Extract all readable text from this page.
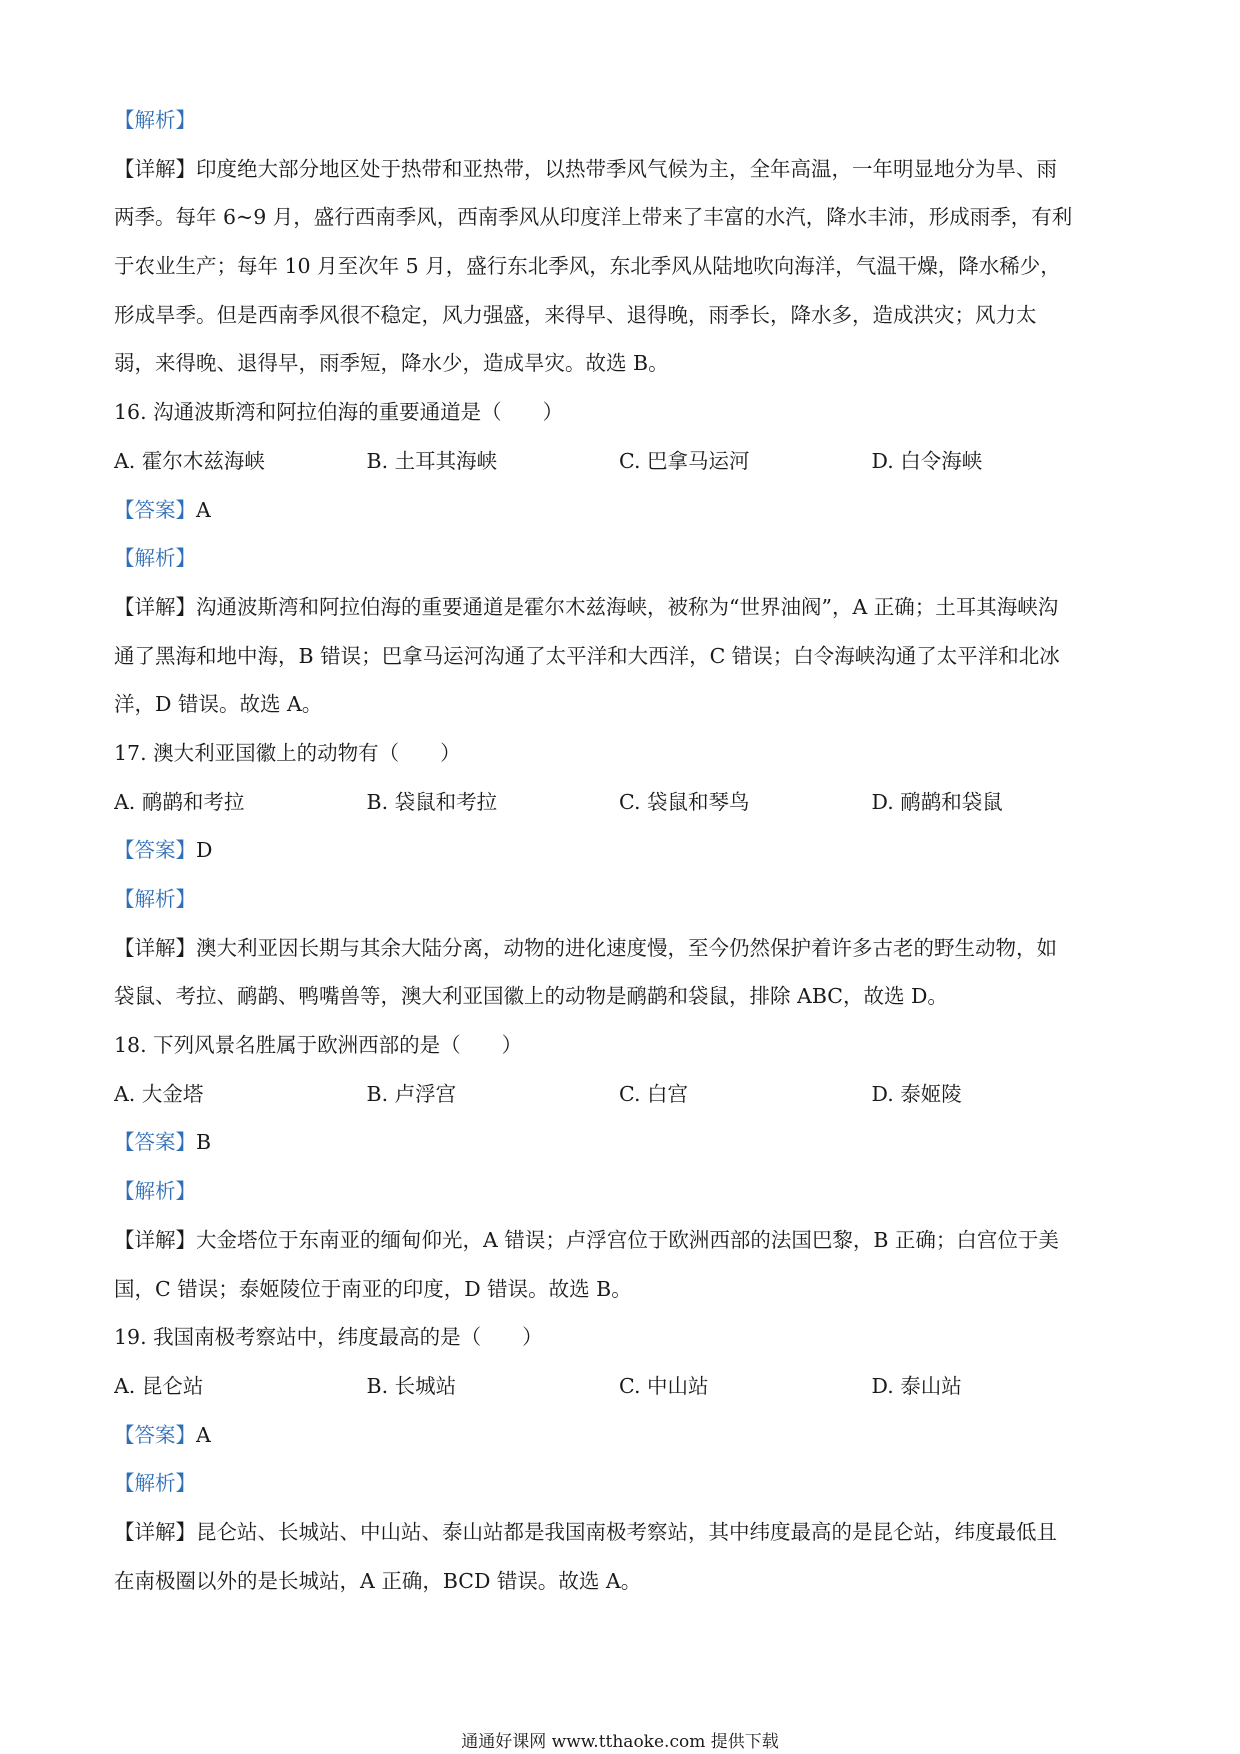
【解析】
【详解】印度绝大部分地区处于热带和亚热带，以热带季风气候为主，全年高温，一年明显地分为旱、雨
两季。每年 6~9 月，盛行西南季风，西南季风从印度洋上带来了丰富的水汽，降水丰沛，形成雨季，有利
于农业生产；每年 10 月至次年 5 月，盛行东北季风，东北季风从陆地吹向海洋，气温干燥，降水稀少，
形成旱季。但是西南季风很不稳定，风力强盛，来得早、退得晚，雨季长，降水多，造成洪灾；风力太
弱，来得晚、退得早，雨季短，降水少，造成旱灾。故选 B。
16. 沟通波斯湾和阿拉伯海的重要通道是（　　）
A. 霍尔木兹海峡	B. 土耳其海峡	C. 巴拿马运河	D. 白令海峡
【答案】A
【解析】
【详解】沟通波斯湾和阿拉伯海的重要通道是霍尔木兹海峡，被称为“世界油阀”，A 正确；土耳其海峡沟
通了黑海和地中海，B 错误；巴拿马运河沟通了太平洋和大西洋，C 错误；白令海峡沟通了太平洋和北冰
洋，D 错误。故选 A。
17. 澳大利亚国徽上的动物有（　　）
A. 鸸鹋和考拉	B. 袋鼠和考拉	C. 袋鼠和琴鸟	D. 鸸鹋和袋鼠
【答案】D
【解析】
【详解】澳大利亚因长期与其余大陆分离，动物的进化速度慢，至今仍然保护着许多古老的野生动物，如
袋鼠、考拉、鸸鹋、鸭嘴兽等，澳大利亚国徽上的动物是鸸鹋和袋鼠，排除 ABC，故选 D。
18. 下列风景名胜属于欧洲西部的是（　　）
A. 大金塔	B. 卢浮宫	C. 白宫	D. 泰姬陵
【答案】B
【解析】
【详解】大金塔位于东南亚的缅甸仰光，A 错误；卢浮宫位于欧洲西部的法国巴黎，B 正确；白宫位于美
国，C 错误；泰姬陵位于南亚的印度，D 错误。故选 B。
19. 我国南极考察站中，纬度最高的是（　　）
A. 昆仑站	B. 长城站	C. 中山站	D. 泰山站
【答案】A
【解析】
【详解】昆仑站、长城站、中山站、泰山站都是我国南极考察站，其中纬度最高的是昆仑站，纬度最低且
在南极圈以外的是长城站，A 正确，BCD 错误。故选 A。
通通好课网 www.tthaoke.com 提供下载
